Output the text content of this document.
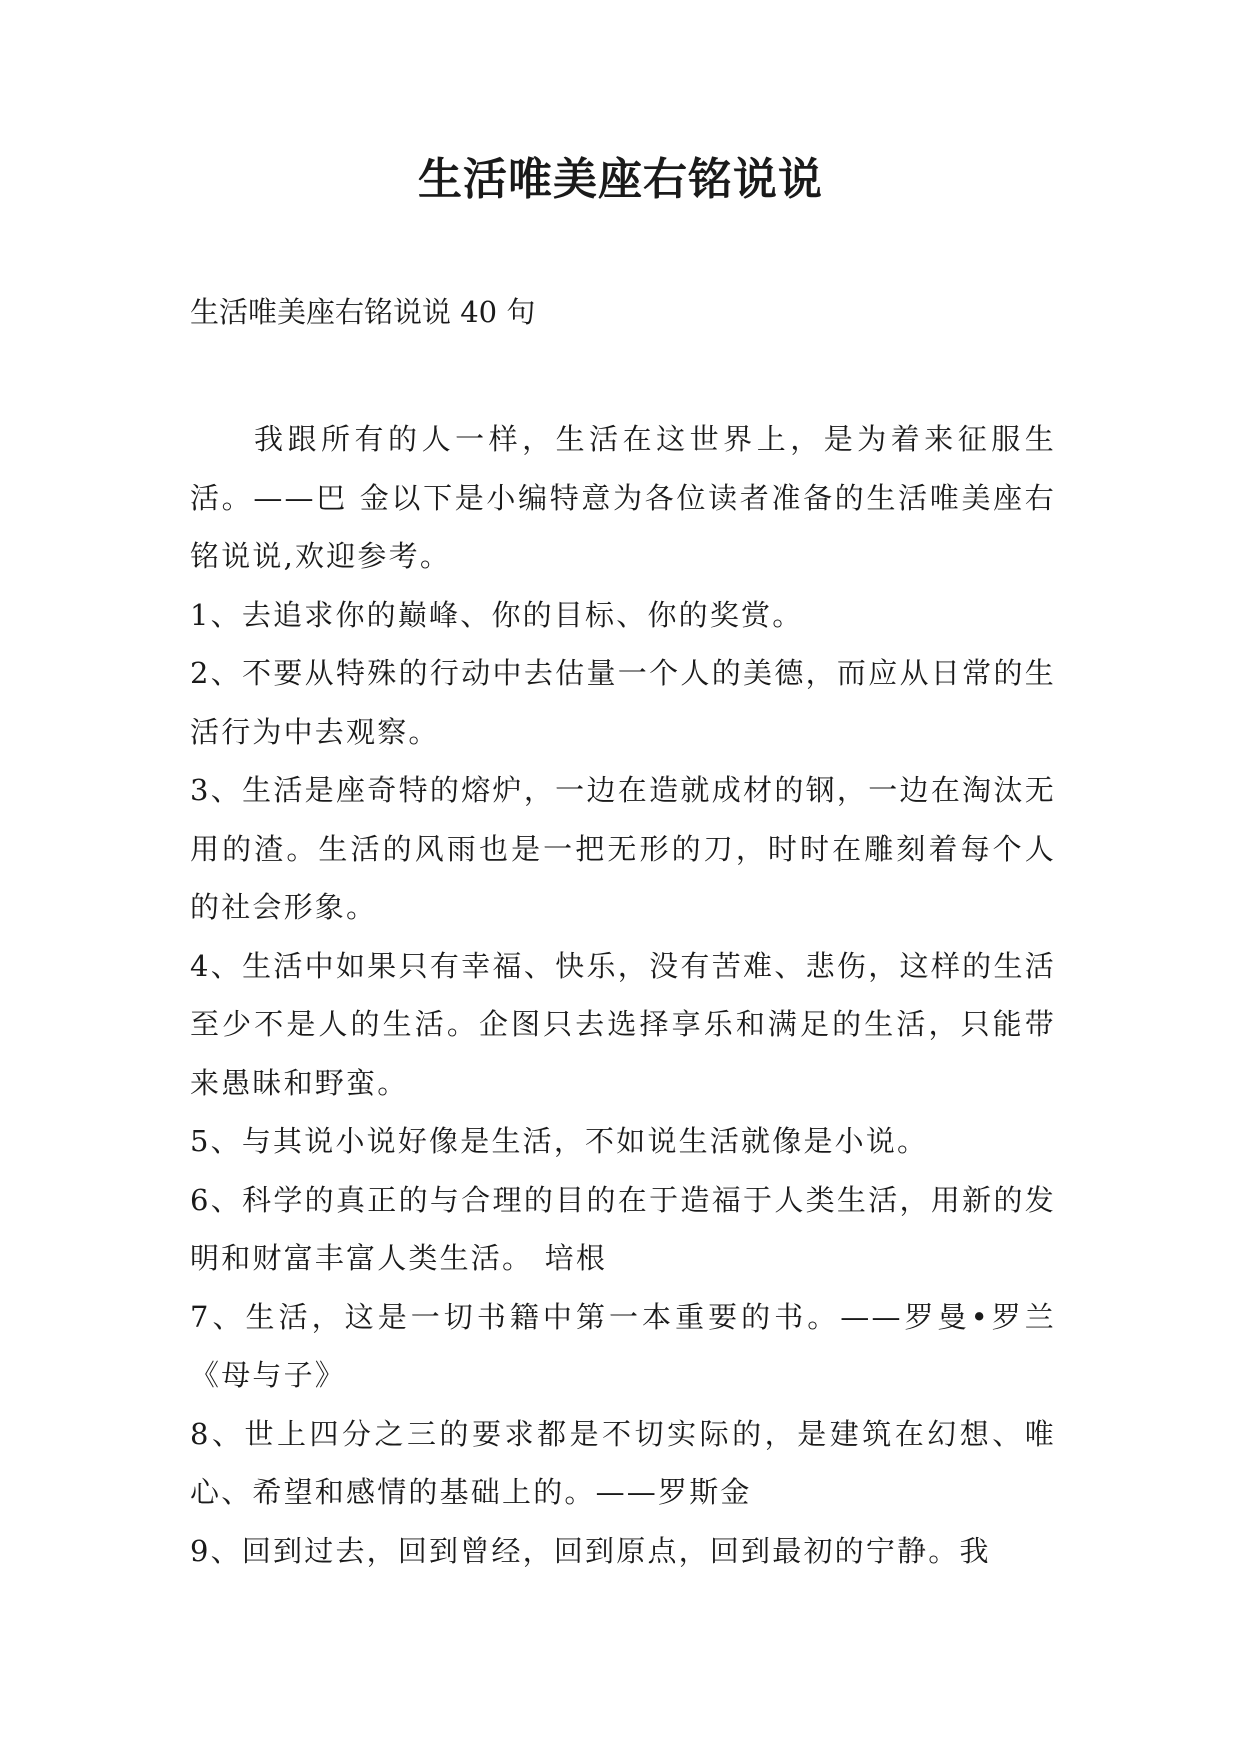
生活唯美座右铭说说

生活唯美座右铭说说 40 句

我跟所有的人一样，生活在这世界上，是为着来征服生活。——巴 金以下是小编特意为各位读者准备的生活唯美座右铭说说,欢迎参考。

1、去追求你的巅峰、你的目标、你的奖赏。

2、不要从特殊的行动中去估量一个人的美德，而应从日常的生活行为中去观察。

3、生活是座奇特的熔炉，一边在造就成材的钢，一边在淘汰无用的渣。生活的风雨也是一把无形的刀，时时在雕刻着每个人的社会形象。

4、生活中如果只有幸福、快乐，没有苦难、悲伤，这样的生活至少不是人的生活。企图只去选择享乐和满足的生活，只能带来愚昧和野蛮。

5、与其说小说好像是生活，不如说生活就像是小说。

6、科学的真正的与合理的目的在于造福于人类生活，用新的发明和财富丰富人类生活。 培根

7、生活，这是一切书籍中第一本重要的书。——罗曼•罗兰《母与子》

8、世上四分之三的要求都是不切实际的，是建筑在幻想、唯心、希望和感情的基础上的。——罗斯金

9、回到过去，回到曾经，回到原点，回到最初的宁静。我
